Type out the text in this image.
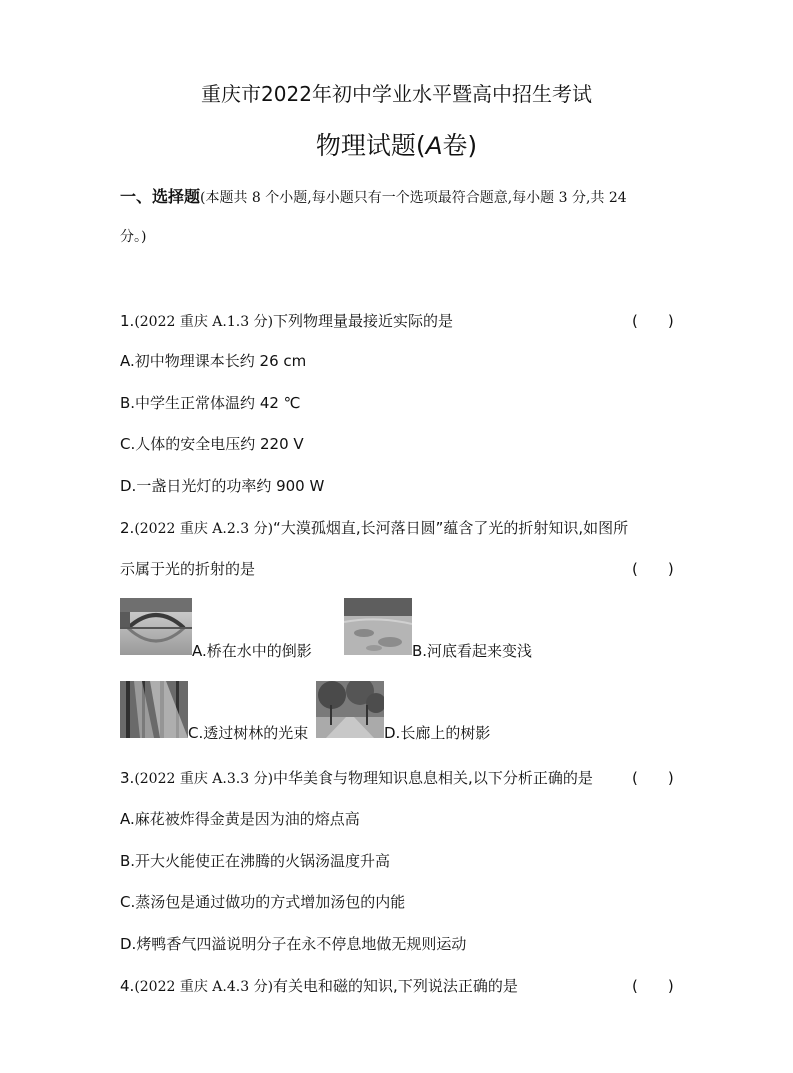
重庆市2022年初中学业水平暨高中招生考试
物理试题(A卷)
一、选择题(本题共 8 个小题,每小题只有一个选项最符合题意,每小题 3 分,共 24
分。)
1.(2022 重庆 A.1.3 分)下列物理量最接近实际的是	(　　)
A.初中物理课本长约 26 cm
B.中学生正常体温约 42 ℃
C.人体的安全电压约 220 V
D.一盏日光灯的功率约 900 W
2.(2022 重庆 A.2.3 分)“大漠孤烟直,长河落日圆”蕴含了光的折射知识,如图所
示属于光的折射的是	(　　)
A.桥在水中的倒影	B.河底看起来变浅
C.透过树林的光束	D.长廊上的树影
3.(2022 重庆 A.3.3 分)中华美食与物理知识息息相关,以下分析正确的是	(　　)
A.麻花被炸得金黄是因为油的熔点高
B.开大火能使正在沸腾的火锅汤温度升高
C.蒸汤包是通过做功的方式增加汤包的内能
D.烤鸭香气四溢说明分子在永不停息地做无规则运动
4.(2022 重庆 A.4.3 分)有关电和磁的知识,下列说法正确的是	(　　)
